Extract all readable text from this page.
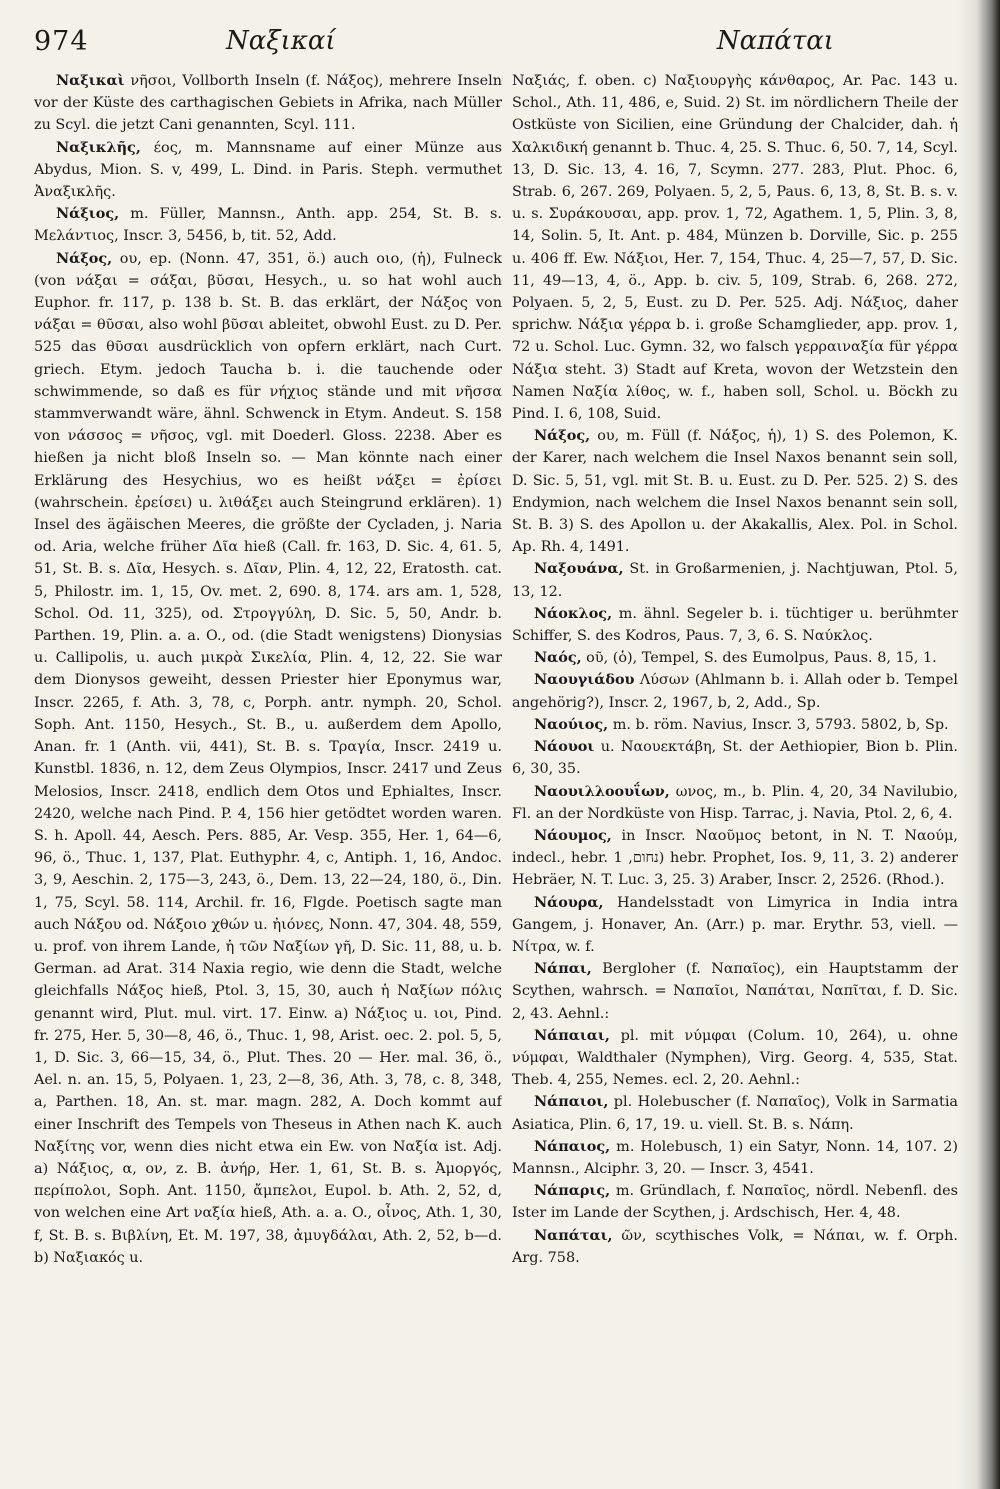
974	Ναξικαί	Ναπάται

Ναξικαὶ νῆσοι, Vollborth Inseln (f. Νάξος), mehrere Inseln vor der Küste des carthagischen Gebiets in Afrika, nach Müller zu Scyl. die jetzt Cani genannten, Scyl. 111.

Ναξικλῆς, έος, m. Mannsname auf einer Münze aus Abydus, Mion. S. v, 499, L. Dind. in Paris. Steph. vermuthet Ἀναξικλῆς.

Νάξιος, m. Füller, Mannsn., Anth. app. 254, St. B. s. Μελάντιος, Inscr. 3, 5456, b, tit. 52, Add.

Νάξος, ου, ep. (Nonn. 47, 351, ö.) auch οιο, (ἡ), Fulneck (von νάξαι = σάξαι, βῦσαι, Hesych., u. so hat wohl auch Euphor. fr. 117, p. 138 b. St. B. das erklärt, der Νάξος von νάξαι = θῦσαι, also wohl βῦσαι ableitet, obwohl Eust. zu D. Per. 525 das θῦσαι ausdrücklich von opfern erklärt, nach Curt. griech. Etym. jedoch Taucha b. i. die tauchende oder schwimmende, so daß es für νήχιος stände und mit νῆσσα stammverwandt wäre, ähnl. Schwenck in Etym. Andeut. S. 158 von νάσσος = νῆσος, vgl. mit Doederl. Gloss. 2238. Aber es hießen ja nicht bloß Inseln so. — Man könnte nach einer Erklärung des Hesychius, wo es heißt νάξει = ἐρίσει (wahrschein. ἐρείσει) u. λιθάξει auch Steingrund erklären). 1) Insel des ägäischen Meeres, die größte der Cycladen, j. Naria od. Aria, welche früher Δῖα hieß (Call. fr. 163, D. Sic. 4, 61. 5, 51, St. B. s. Δῖα, Hesych. s. Δῖαν, Plin. 4, 12, 22, Eratosth. cat. 5, Philostr. im. 1, 15, Ov. met. 2, 690. 8, 174. ars am. 1, 528, Schol. Od. 11, 325), od. Στρογγύλη, D. Sic. 5, 50, Andr. b. Parthen. 19, Plin. a. a. O., od. (die Stadt wenigstens) Dionysias u. Callipolis, u. auch μικρὰ Σικελία, Plin. 4, 12, 22. Sie war dem Dionysos geweiht, dessen Priester hier Eponymus war, Inscr. 2265, f. Ath. 3, 78, c, Porph. antr. nymph. 20, Schol. Soph. Ant. 1150, Hesych., St. B., u. außerdem dem Apollo, Anan. fr. 1 (Anth. vii, 441), St. B. s. Τραγία, Inscr. 2419 u. Kunstbl. 1836, n. 12, dem Zeus Olympios, Inscr. 2417 und Zeus Melosios, Inscr. 2418, endlich dem Otos und Ephialtes, Inscr. 2420, welche nach Pind. P. 4, 156 hier getödtet worden waren. S. h. Apoll. 44, Aesch. Pers. 885, Ar. Vesp. 355, Her. 1, 64—6, 96, ö., Thuc. 1, 137, Plat. Euthyphr. 4, c, Antiph. 1, 16, Andoc. 3, 9, Aeschin. 2, 175—3, 243, ö., Dem. 13, 22—24, 180, ö., Din. 1, 75, Scyl. 58. 114, Archil. fr. 16, Flgde. Poetisch sagte man auch Νάξου od. Νάξοιο χθών u. ἠιόνες, Nonn. 47, 304. 48, 559, u. prof. von ihrem Lande, ἡ τῶν Ναξίων γῆ, D. Sic. 11, 88, u. b. German. ad Arat. 314 Naxia regio, wie denn die Stadt, welche gleichfalls Νάξος hieß, Ptol. 3, 15, 30, auch ἡ Ναξίων πόλις genannt wird, Plut. mul. virt. 17. Einw. a) Νάξιος u. ιοι, Pind. fr. 275, Her. 5, 30—8, 46, ö., Thuc. 1, 98, Arist. oec. 2. pol. 5, 5, 1, D. Sic. 3, 66—15, 34, ö., Plut. Thes. 20 — Her. mal. 36, ö., Ael. n. an. 15, 5, Polyaen. 1, 23, 2—8, 36, Ath. 3, 78, c. 8, 348, a, Parthen. 18, An. st. mar. magn. 282, A. Doch kommt auf einer Inschrift des Tempels von Theseus in Athen nach K. auch Ναξίτης vor, wenn dies nicht etwa ein Ew. von Ναξία ist. Adj. a) Νάξιος, α, ον, z. B. ἀνήρ, Her. 1, 61, St. B. s. Ἀμοργός, περίπολοι, Soph. Ant. 1150, ἄμπελοι, Eupol. b. Ath. 2, 52, d, von welchen eine Art ναξία hieß, Ath. a. a. O., οἶνος, Ath. 1, 30, f, St. B. s. Βιβλίνη, Et. M. 197, 38, ἀμυγδάλαι, Ath. 2, 52, b—d. b) Ναξιακός u.

Ναξιάς, f. oben. c) Ναξιουργὴς κάνθαρος, Ar. Pac. 143 u. Schol., Ath. 11, 486, e, Suid. 2) St. im nördlichern Theile der Ostküste von Sicilien, eine Gründung der Chalcider, dah. ἡ Χαλκιδική genannt b. Thuc. 4, 25. S. Thuc. 6, 50. 7, 14, Scyl. 13, D. Sic. 13, 4. 16, 7, Scymn. 277. 283, Plut. Phoc. 6, Strab. 6, 267. 269, Polyaen. 5, 2, 5, Paus. 6, 13, 8, St. B. s. v. u. s. Συράκουσαι, app. prov. 1, 72, Agathem. 1, 5, Plin. 3, 8, 14, Solin. 5, It. Ant. p. 484, Münzen b. Dorville, Sic. p. 255 u. 406 ff. Ew. Νάξιοι, Her. 7, 154, Thuc. 4, 25—7, 57, D. Sic. 11, 49—13, 4, ö., App. b. civ. 5, 109, Strab. 6, 268. 272, Polyaen. 5, 2, 5, Eust. zu D. Per. 525. Adj. Νάξιος, daher sprichw. Νάξια γέρρα b. i. große Schamglieder, app. prov. 1, 72 u. Schol. Luc. Gymn. 32, wo falsch γερραιναξία für γέρρα Νάξια steht. 3) Stadt auf Kreta, wovon der Wetzstein den Namen Ναξία λίθος, w. f., haben soll, Schol. u. Böckh zu Pind. I. 6, 108, Suid.

Νάξος, ου, m. Füll (f. Νάξος, ἡ), 1) S. des Polemon, K. der Karer, nach welchem die Insel Naxos benannt sein soll, D. Sic. 5, 51, vgl. mit St. B. u. Eust. zu D. Per. 525. 2) S. des Endymion, nach welchem die Insel Naxos benannt sein soll, St. B. 3) S. des Apollon u. der Akakallis, Alex. Pol. in Schol. Ap. Rh. 4, 1491.

Ναξουάνα, St. in Großarmenien, j. Nachtjuwan, Ptol. 5, 13, 12.

Νάοκλος, m. ähnl. Segeler b. i. tüchtiger u. berühmter Schiffer, S. des Kodros, Paus. 7, 3, 6. S. Ναύκλος.

Ναός, οῦ, (ὁ), Tempel, S. des Eumolpus, Paus. 8, 15, 1.

Ναουγιάδου Λύσων (Ahlmann b. i. Allah oder b. Tempel angehörig?), Inscr. 2, 1967, b, 2, Add., Sp.

Ναούιος, m. b. röm. Navius, Inscr. 3, 5793. 5802, b, Sp.

Νάουοι u. Ναουεκτάβη, St. der Aethiopier, Bion b. Plin. 6, 30, 35.

Ναουιλλοουΐων, ωνος, m., b. Plin. 4, 20, 34 Navilubio, Fl. an der Nordküste von Hisp. Tarrac, j. Navia, Ptol. 2, 6, 4.

Νάουμος, in Inscr. Ναοῦμος betont, in N. T. Ναούμ, indecl., hebr. נחום, 1) hebr. Prophet, Ios. 9, 11, 3. 2) anderer Hebräer, N. T. Luc. 3, 25. 3) Araber, Inscr. 2, 2526. (Rhod.).

Νάουρα, Handelsstadt von Limyrica in India intra Gangem, j. Honaver, An. (Arr.) p. mar. Erythr. 53, viell. — Νίτρα, w. f.

Νάπαι, Bergloher (f. Ναπαῖος), ein Hauptstamm der Scythen, wahrsch. = Ναπαῖοι, Ναπάται, Ναπῖται, f. D. Sic. 2, 43. Aehnl.:

Νάπαιαι, pl. mit νύμφαι (Colum. 10, 264), u. ohne νύμφαι, Waldthaler (Nymphen), Virg. Georg. 4, 535, Stat. Theb. 4, 255, Nemes. ecl. 2, 20. Aehnl.:

Νάπαιοι, pl. Holebuscher (f. Ναπαῖος), Volk in Sarmatia Asiatica, Plin. 6, 17, 19. u. viell. St. B. s. Νάπη.

Νάπαιος, m. Holebusch, 1) ein Satyr, Nonn. 14, 107. 2) Mannsn., Alciphr. 3, 20. — Inscr. 3, 4541.

Νάπαρις, m. Gründlach, f. Ναπαῖος, nördl. Nebenfl. des Ister im Lande der Scythen, j. Ardschisch, Her. 4, 48.

Ναπάται, ῶν, scythisches Volk, = Νάπαι, w. f. Orph. Arg. 758.
